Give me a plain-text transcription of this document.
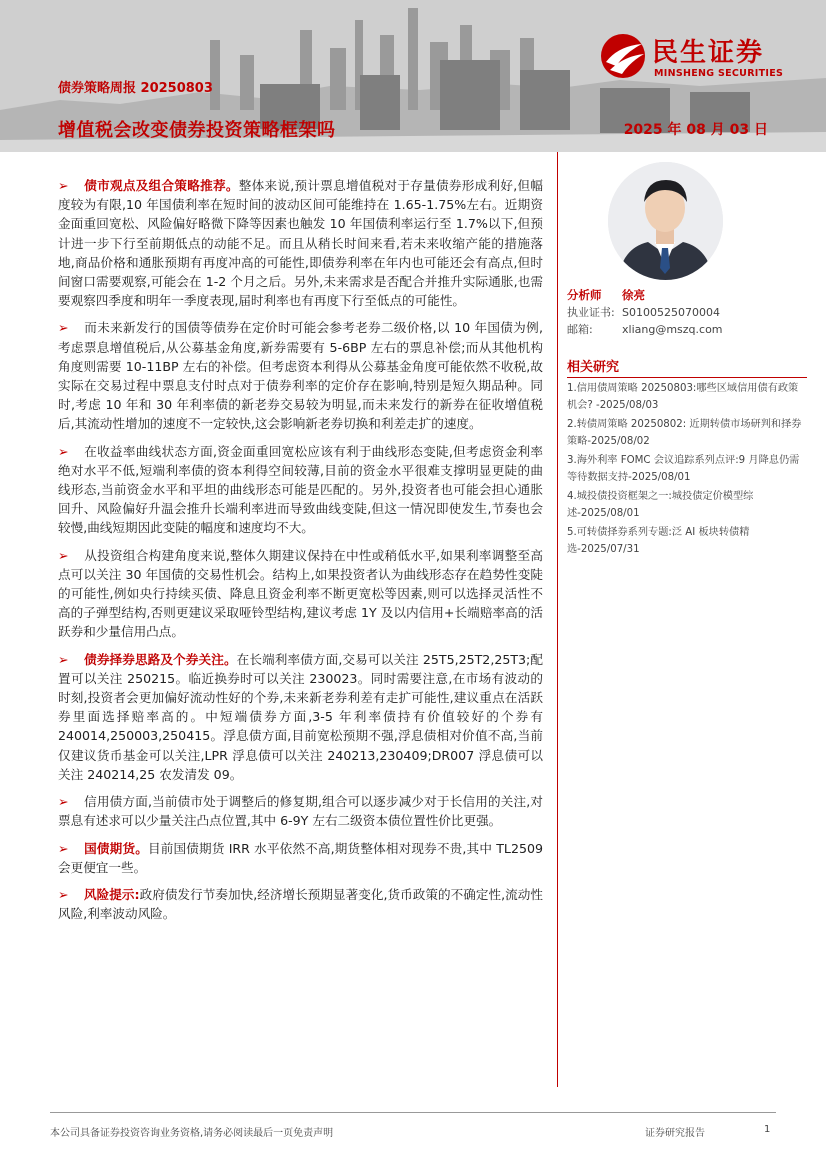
民生证券
MINSHENG SECURITIES
债券策略周报 20250803
增值税会改变债券投资策略框架吗	2025 年 08 月 03 日

➢ 债市观点及组合策略推荐。整体来说,预计票息增值税对于存量债券形成利好,但幅度较为有限,10 年国债利率在短时间的波动区间可能维持在 1.65-1.75%左右。近期资金面重回宽松、风险偏好略微下降等因素也触发 10 年国债利率运行至 1.7%以下,但预计进一步下行至前期低点的动能不足。而且从稍长时间来看,若未来收缩产能的措施落地,商品价格和通胀预期有再度冲高的可能性,即债券利率在年内也可能还会有高点,但时间窗口需要观察,可能会在 1-2 个月之后。另外,未来需求是否配合并推升实际通胀,也需要观察四季度和明年一季度表现,届时利率也有再度下行至低点的可能性。

➢ 而未来新发行的国债等债券在定价时可能会参考老券二级价格,以 10 年国债为例,考虑票息增值税后,从公募基金角度,新券需要有 5-6BP 左右的票息补偿;而从其他机构角度则需要 10-11BP 左右的补偿。但考虑资本利得从公募基金角度可能依然不收税,故实际在交易过程中票息支付时点对于债券利率的定价存在影响,特别是短久期品种。同时,考虑 10 年和 30 年利率债的新老券交易较为明显,而未来发行的新券在征收增值税后,其流动性增加的速度不一定较快,这会影响新老券切换和利差走扩的速度。

➢ 在收益率曲线状态方面,资金面重回宽松应该有利于曲线形态变陡,但考虑资金利率绝对水平不低,短端利率债的资本利得空间较薄,目前的资金水平很难支撑明显更陡的曲线形态,当前资金水平和平坦的曲线形态可能是匹配的。另外,投资者也可能会担心通胀回升、风险偏好升温会推升长端利率进而导致曲线变陡,但这一情况即使发生,节奏也会较慢,曲线短期因此变陡的幅度和速度均不大。

➢ 从投资组合构建角度来说,整体久期建议保持在中性或稍低水平,如果利率调整至高点可以关注 30 年国债的交易性机会。结构上,如果投资者认为曲线形态存在趋势性变陡的可能性,例如央行持续买债、降息且资金利率不断更宽松等因素,则可以选择灵活性不高的子弹型结构,否则更建议采取哑铃型结构,建议考虑 1Y 及以内信用+长端赔率高的活跃券和少量信用凸点。

➢ 债券择券思路及个券关注。在长端利率债方面,交易可以关注 25T5,25T2,25T3;配置可以关注 250215。临近换券时可以关注 230023。同时需要注意,在市场有波动的时刻,投资者会更加偏好流动性好的个券,未来新老券利差有走扩可能性,建议重点在活跃券里面选择赔率高的。中短端债券方面,3-5 年利率债持有价值较好的个券有 240014,250003,250415。浮息债方面,目前宽松预期不强,浮息债相对价值不高,当前仅建议货币基金可以关注,LPR 浮息债可以关注 240213,230409;DR007 浮息债可以关注 240214,25 农发清发 09。

➢ 信用债方面,当前债市处于调整后的修复期,组合可以逐步减少对于长信用的关注,对票息有述求可以少量关注凸点位置,其中 6-9Y 左右二级资本债位置性价比更强。

➢ 国债期货。目前国债期货 IRR 水平依然不高,期货整体相对现券不贵,其中 TL2509 会更便宜一些。

➢ 风险提示:政府债发行节奏加快,经济增长预期显著变化,货币政策的不确定性,流动性风险,利率波动风险。

分析师 徐亮
执业证书: S0100525070004
邮箱:	xliang@mszq.com
相关研究
1.信用债周策略 20250803:哪些区域信用债有政策机会? -2025/08/03
2.转债周策略 20250802: 近期转债市场研判和择券策略-2025/08/02
3.海外利率 FOMC 会议追踪系列点评:9 月降息仍需等待数据支持-2025/08/01
4.城投债投资框架之一:城投债定价模型综述-2025/08/01
5.可转债择券系列专题:泛 AI 板块转债精选-2025/07/31
本公司具备证券投资咨询业务资格,请务必阅读最后一页免责声明	证券研究报告	1
